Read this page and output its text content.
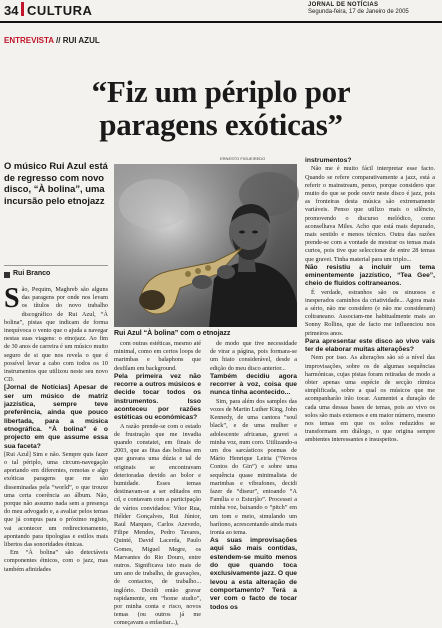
34 CULTURA	JORNAL DE NOTÍCIAS
Segunda-feira, 17 de Janeiro de 2005
ENTREVISTA // RUI AZUL
“Fiz um périplo por
paragens exóticas”
O músico Rui Azul está de regresso com novo disco, “À bolina”, uma incursão pelo etnojazz
Rui Branco
ERNESTO FIGUEIREDO
Rui Azul “À bolina” com o etnojazz

São, Pequim, Maghreb são alguns das paragens por onde nos levam os títulos do novo trabalho discográfico de Rui Azul, “À bolina”, pistas que indicam de forma inequívoca o vento que o ajuda a navegar nestas suas viagens: o etnojazz. Ao fim de 30 anos de carreira é um músico muito seguro de si que nos revela o que é possível levar a cabo com todos os 10 instrumentos que utilizou neste seu novo CD.

[Jornal de Notícias] Apesar de ser um músico de matriz jazzística, sempre teve preferência, ainda que pouco libertada, para a música etnográfica. “À bolina” é o projecto em que assume essa sua faceta?

[Rui Azul] Sim e não. Sempre quis fazer o tal périplo, uma circum-navegação aportando em diferentes, remotas e algo exóticas paragens que me são disseminadas pela “world”, o que trouxe uma certa coerência ao álbum. Não, porque não assumo nada sem a presença do meu advogado e, a avaliar pelos temas que já compus para o próximo registo, vai acontecer um redirecionamento, apontando para tipologias e estilos mais libertos das sonoridades étnicas.

Em “À bolina” são detectáveis componentes étnicos, com o jazz, mas também afinidades

com outras estéticas, mesmo até minimal, como em certos loops de marimbas e balaphons que desfilam em background.

Pela primeira vez não recorre a outros músicos e decide tocar todos os instrumentos. Isso aconteceu por razões estéticas ou económicas?

A razão prende-se com o estado de frustração que me invadia quando constatei, em finais de 2003, que as fitas das bolinas em que gravara uma dúzia e tal de originais se encontravam deterioradas devido ao bolor e humidade. Esses temas destinavam-se a ser editados em cd, e contavam com a participação de vários convidados: Vítor Rua, Hélder Gonçalves, Rui Júnior, Raul Marques, Carlos Azevedo, Filipe Mendes, Pedro Tavares, Quinté, David Lacerda, Paulo Gomes, Miguel Megre, os Marvantes do Rio Douro, entre outros. Significava isto mais de um ano de trabalho, de gravações, de contactos, de trabalho... inglório. Decidi então gravar rapidamente, em “home studio”, por minha conta e risco, novos temas (ou outros já me começavam a enfastiar...),

de modo que tive necessidade de virar a página, pois formara-se um hiato considerável, desde a edição do meu disco anterior...

Também decidiu agora recorrer à voz, coisa que nunca tinha acontecido...

Sim, para além dos samples das vozes de Martin Luther King, John Kennedy, de uma cantora “soul black”, e de uma mulher e adolescente africanas, gravei a minha voz, num coro. Utilizando-a um dos sarcásticos poemas de Mário Henrique Leiria (“Novos Contos do Gin”) e sobre uma sequência quase minimalista de marimbas e vibrafones, decidi fazer de “diseur”, entoando “A Família e o Esturjão”. Processei a minha voz, baixando o “pitch” em um tom e meio, simulando um barítono, acrescentando ainda mais ironia ao tema.

As suas improvisações aqui são mais contidas, estendem-se muito menos do que quando toca exclusivamente jazz. O que levou a esta alteração de comportamento? Terá a ver com o facto de tocar todos os

instrumentos?

Não me é muito fácil interpretar esse facto. Quando se refere comparativamente a jazz, está a referir o mainstream, penso, porque considero que muito do que se pode ouvir neste disco é jazz, pois as fronteiras desta música são extremamente variáveis. Penso que utilizo mais o silêncio, promovendo o discurso melódico, como aconselhava Miles. Acho que está mais depurado, mais sentido e menos técnico. Outra das razões prende-se com a vontade de mostrar os temas mais curtos, pois tive que seleccionar de entre 28 temas que gravei. Tinha material para um triplo...

Não resistiu a incluir um tema eminentemente jazzístico, “Tea Gee”, cheio de fluidos coltraneanos.

É verdade, estranhos são os sinuosos e inesperados caminhos da criatividade... Agora mais a sério, não me considero (e não me consideram) coltraneano. Associam-me habitualmente mais ao Sonny Rollins, que de facto me influenciou nos primeiros anos.

Para apresentar este disco ao vivo vais ter de elaborar muitas alterações?

Nem por isso. As alterações são só a nível das improvisações, sobre os de algumas sequências harmónicas, cujas pistas foram retiradas de modo a obter apenas uma espécie de secção rítmica simplificada, sobre a qual os músicos que me acompanharão irão tocar. Aumentei a duração de cada uma dessas bases de temas, pois ao vivo os solos são mais extensos e em maior número, mesmo nos temas em que os solos reduzidos se transformam em diálogo, o que origina sempre ambientes interessantes e insuspeitos.
